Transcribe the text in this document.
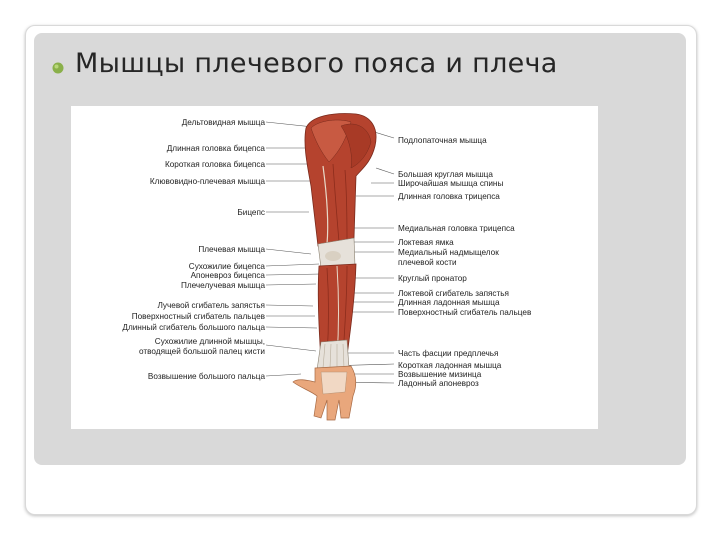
Мышцы плечевого пояса и плеча
Дельтовидная мышца
Длинная головка бицепса
Короткая головка бицепса
Клювовидно-плечевая мышца
Бицепс
Плечевая мышца
Сухожилие бицепса
Апоневроз бицепса
Плечелучевая мышца
Лучевой сгибатель запястья
Поверхностный сгибатель пальцев
Длинный сгибатель большого пальца
Сухожилие длинной мышцы,
отводящей большой палец кисти
Возвышение большого пальца
Подлопаточная мышца
Большая круглая мышца
Широчайшая мышца спины
Длинная головка трицепса
Медиальная головка трицепса
Локтевая ямка
Медиальный надмыщелок
плечевой кости
Круглый пронатор
Локтевой сгибатель запястья
Длинная ладонная мышца
Поверхностный сгибатель пальцев
Часть фасции предплечья
Короткая ладонная мышца
Возвышение мизинца
Ладонный апоневроз
